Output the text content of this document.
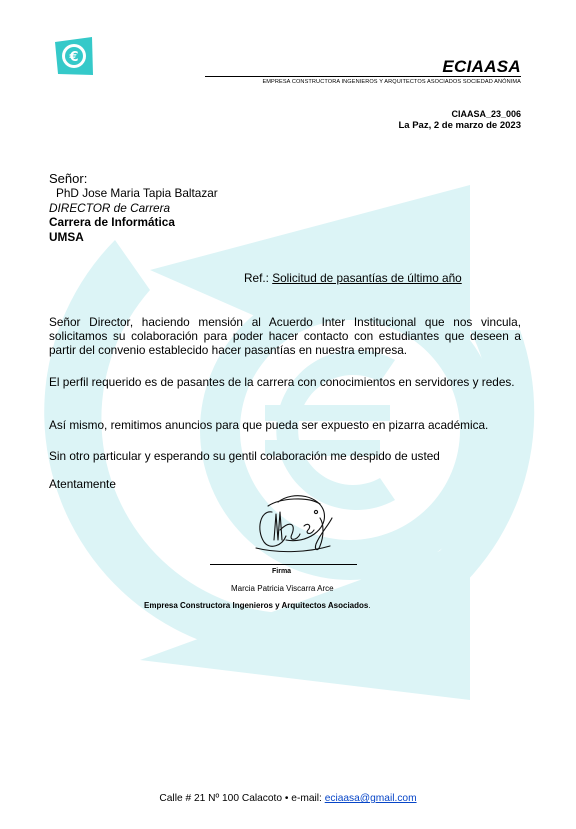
€	ECIAASA
EMPRESA CONSTRUCTORA INGENIEROS Y ARQUITECTOS ASOCIADOS SOCIEDAD ANÓNIMA
CIAASA_23_006
La Paz, 2 de marzo de 2023
Señor:
PhD Jose Maria Tapia Baltazar
DIRECTOR de Carrera
Carrera de Informática
UMSA
Ref.: Solicitud de pasantías de último año
Señor Director, haciendo mensión al Acuerdo Inter Institucional que nos vincula, solicitamos su colaboración para poder hacer contacto con estudiantes que deseen a partir del convenio establecido hacer pasantías en nuestra empresa.
El perfil requerido es de pasantes de la carrera con conocimientos en servidores y redes.
Así mismo, remitimos anuncios para que pueda ser expuesto en pizarra académica.
Sin otro particular y esperando su gentil colaboración me despido de usted
Atentamente
Firma
Marcia Patricia Viscarra Arce
Empresa Constructora Ingenieros y Arquitectos Asociados.
Calle # 21 Nº 100 Calacoto • e-mail: eciaasa@gmail.com
